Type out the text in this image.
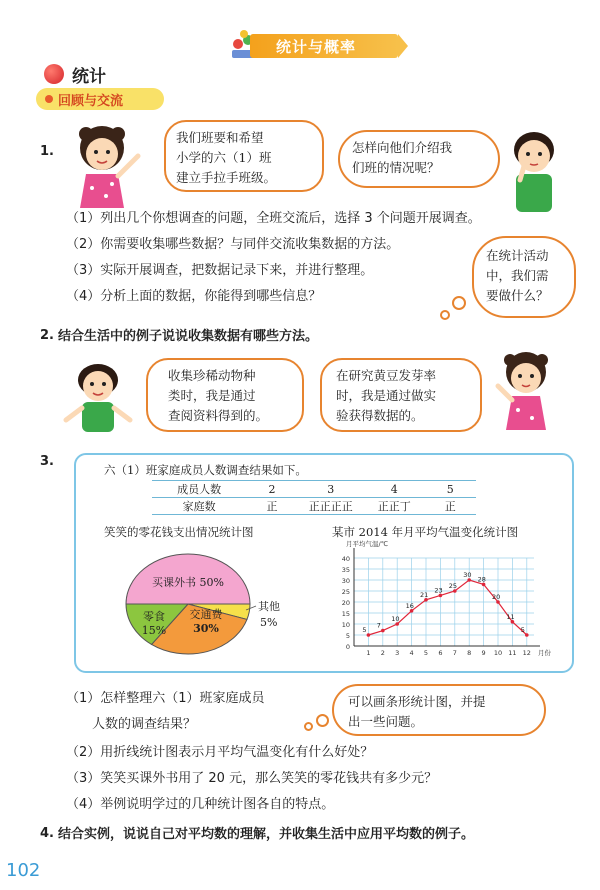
统计与概率
统计
回顾与交流
1.
我们班要和希望
小学的六（1）班
建立手拉手班级。
怎样向他们介绍我
们班的情况呢？
（1）列出几个你想调查的问题，全班交流后，选择 3 个问题开展调查。
（2）你需要收集哪些数据？与同伴交流收集数据的方法。
（3）实际开展调查，把数据记录下来，并进行整理。
（4）分析上面的数据，你能得到哪些信息？
在统计活动
中，我们需
要做什么？
2. 结合生活中的例子说说收集数据有哪些方法。
收集珍稀动物种
类时，我是通过
查阅资料得到的。
在研究黄豆发芽率
时，我是通过做实
验获得数据的。
3.
六（1）班家庭成员人数调查结果如下。
成员人数	2	3	4	5
家庭数	正	正正正正	正正丁	正
笑笑的零花钱支出情况统计图
买课外书 50%
交通费
30%
零食
15%
其他
5%
某市 2014 年月平均气温变化统计图
0
5
10
15
20
25
30
35
40
1 2 3 4 5 6 7 8 9 10 11 12
月平均气温/℃
月份
5
7
10
16
21
23
25
30
28
20
11
5
（1）怎样整理六（1）班家庭成员
人数的调查结果？
可以画条形统计图，并提
出一些问题。
（2）用折线统计图表示月平均气温变化有什么好处？
（3）笑笑买课外书用了 20 元，那么笑笑的零花钱共有多少元？
（4）举例说明学过的几种统计图各自的特点。
4. 结合实例，说说自己对平均数的理解，并收集生活中应用平均数的例子。
102
